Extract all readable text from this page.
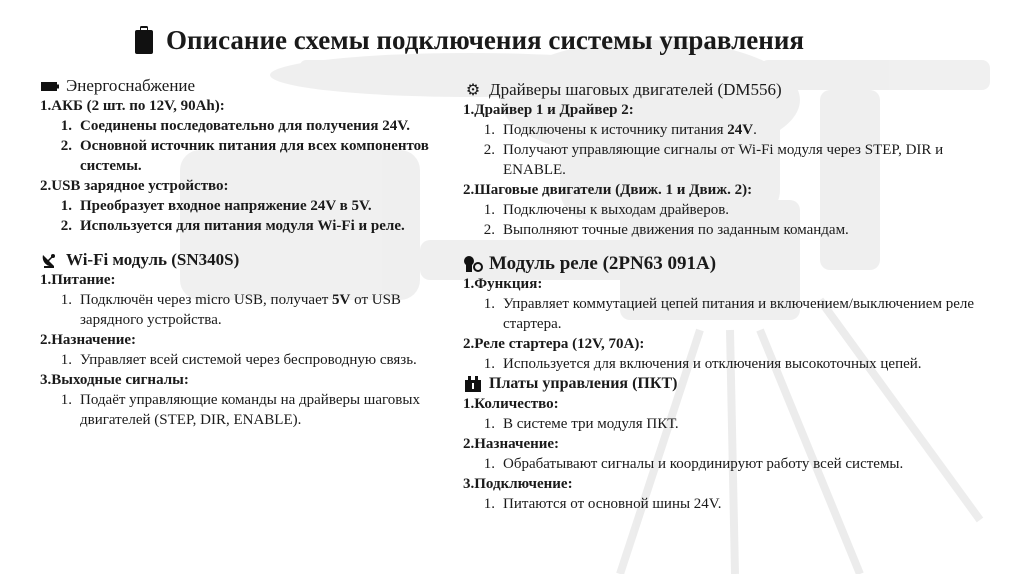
Описание схемы подключения системы управления
Энергоснабжение
1.АКБ (2 шт. по 12V, 90Ah):
1. Соединены последовательно для получения 24V.
2. Основной источник питания для всех компонентов системы.
2.USB зарядное устройство:
1. Преобразует входное напряжение 24V в 5V.
2. Используется для питания модуля Wi-Fi и реле.
Wi-Fi модуль (SN340S)
1.Питание:
1. Подключён через micro USB, получает 5V от USB зарядного устройства.
2.Назначение:
1. Управляет всей системой через беспроводную связь.
3.Выходные сигналы:
1. Подаёт управляющие команды на драйверы шаговых двигателей (STEP, DIR, ENABLE).
⚙ Драйверы шаговых двигателей (DM556)
1.Драйвер 1 и Драйвер 2:
1. Подключены к источнику питания 24V.
2. Получают управляющие сигналы от Wi-Fi модуля через STEP, DIR и ENABLE.
2.Шаговые двигатели (Движ. 1 и Движ. 2):
1. Подключены к выходам драйверов.
2. Выполняют точные движения по заданным командам.
Модуль реле (2PN63 091A)
1.Функция:
1. Управляет коммутацией цепей питания и включением/выключением реле стартера.
2.Реле стартера (12V, 70A):
1. Используется для включения и отключения высокоточных цепей.
Платы управления (ПКТ)
1.Количество:
1. В системе три модуля ПКТ.
2.Назначение:
1. Обрабатывают сигналы и координируют работу всей системы.
3.Подключение:
1. Питаются от основной шины 24V.
